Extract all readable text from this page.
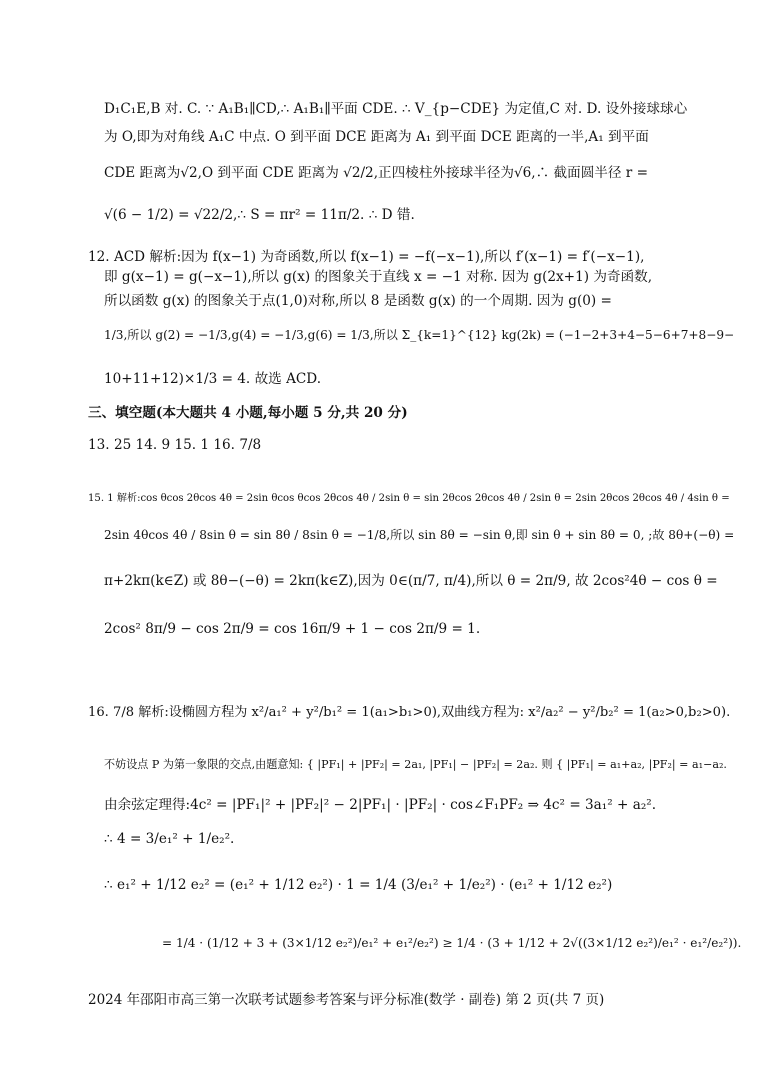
D₁C₁E,B 对. C. ∵ A₁B₁∥CD,∴ A₁B₁∥平面 CDE. ∴ V_{p−CDE} 为定值,C 对. D. 设外接球球心
为 O,即为对角线 A₁C 中点. O 到平面 DCE 距离为 A₁ 到平面 DCE 距离的一半,A₁ 到平面
CDE 距离为√2,O 到平面 CDE 距离为 √2/2,正四棱柱外接球半径为√6,∴ 截面圆半径 r =
√(6 − 1/2) = √22/2,∴ S = πr² = 11π/2. ∴ D 错.
12. ACD 解析:因为 f(x−1) 为奇函数,所以 f(x−1) = −f(−x−1),所以 f′(x−1) = f′(−x−1),
即 g(x−1) = g(−x−1),所以 g(x) 的图象关于直线 x = −1 对称. 因为 g(2x+1) 为奇函数,
所以函数 g(x) 的图象关于点(1,0)对称,所以 8 是函数 g(x) 的一个周期. 因为 g(0) =
1/3,所以 g(2) = −1/3,g(4) = −1/3,g(6) = 1/3,所以 Σ_{k=1}^{12} kg(2k) = (−1−2+3+4−5−6+7+8−9−
10+11+12)×1/3 = 4. 故选 ACD.
三、填空题(本大题共 4 小题,每小题 5 分,共 20 分)
13. 25 14. 9 15. 1 16. 7/8
15. 1 解析:cos θcos 2θcos 4θ = 2sin θcos θcos 2θcos 4θ / 2sin θ = sin 2θcos 2θcos 4θ / 2sin θ = 2sin 2θcos 2θcos 4θ / 4sin θ =
2sin 4θcos 4θ / 8sin θ = sin 8θ / 8sin θ = −1/8,所以 sin 8θ = −sin θ,即 sin θ + sin 8θ = 0, ;故 8θ+(−θ) =
π+2kπ(k∈Z) 或 8θ−(−θ) = 2kπ(k∈Z),因为 0∈(π/7, π/4),所以 θ = 2π/9, 故 2cos²4θ − cos θ =
2cos² 8π/9 − cos 2π/9 = cos 16π/9 + 1 − cos 2π/9 = 1.
16. 7/8 解析:设椭圆方程为 x²/a₁² + y²/b₁² = 1(a₁>b₁>0),双曲线方程为: x²/a₂² − y²/b₂² = 1(a₂>0,b₂>0).
不妨设点 P 为第一象限的交点,由题意知: { |PF₁| + |PF₂| = 2a₁, |PF₁| − |PF₂| = 2a₂. 则 { |PF₁| = a₁+a₂, |PF₂| = a₁−a₂.
由余弦定理得:4c² = |PF₁|² + |PF₂|² − 2|PF₁| · |PF₂| · cos∠F₁PF₂ ⇒ 4c² = 3a₁² + a₂².
∴ 4 = 3/e₁² + 1/e₂².
∴ e₁² + 1/12 e₂² = (e₁² + 1/12 e₂²) · 1 = 1/4 (3/e₁² + 1/e₂²) · (e₁² + 1/12 e₂²)
= 1/4 · (1/12 + 3 + (3×1/12 e₂²)/e₁² + e₁²/e₂²) ≥ 1/4 · (3 + 1/12 + 2√((3×1/12 e₂²)/e₁² · e₁²/e₂²)).
2024 年邵阳市高三第一次联考试题参考答案与评分标准(数学 · 副卷) 第 2 页(共 7 页)
